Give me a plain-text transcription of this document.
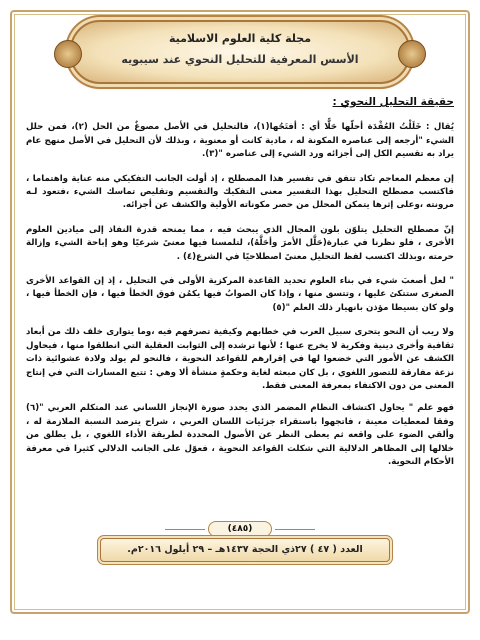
مجلة كلية العلوم الاسلامية
الأسس المعرفية للتحليل النحوي عند سيبويه
حقيقة التحليل النحوي :

يُقال : خَلَلْتُ العُقْدَة أحلّها حَلًّا أي : أفتَحُها(١)، فالتحليل في الأصل مصوغٌ من الحل (٢)، فمن حلل الشيء "أرجعه إلى عناصره المكونة له ، مادية كانت أو معنوية ، وبذلك لأن التحليل في الأصل منهج عام يراد به تقسيم الكل إلى أجزائه ورد الشيء إلى عناصره "(٣).

إن معظم المعاجم تكاد تتفق في تفسير هذا المصطلح ، إذ أولت الجانب التفكيكي منه عناية واهتماما ، فاكتسب مصطلح التحليل بهذا التفسير معنى التفكيك والتقسيم وتقليص تماسك الشيء ،فتعود لـه مرونته ،وعلى إثرها يتمكن المحلل من حصر مكوناته الأولية والكشف عن أجزائه.

إنّ مصطلح التحليل يتلوّن بلون المجال الذي يبحث فيه ، مما يمنحه قدرة النفاذ إلى ميادين العلوم الأخرى ، فلو نظرنا في عبارة(حَلَّل الأمرَ وأحَلَّهُ)، لتلمسنا فيها معنىً شرعيًا وهو إباحة الشيء وإزالة حرمته ،وبذلك اكتسب لفظ التحليل معنىً اصطلاحيًا في الشرع(٤) .

" لعل أصعبَ شيء في بناء العلوم تحديد القاعدة المركزية الأولى في التحليل ، إذ إن القواعد الأخرى الصغرى ستتكئ عليها ، وتتسق منها ، وإذا كان الصوابُ فيها يكمُن فوق الخطأ فيها ، فإن الخطأ فيها ، ولو كان بسيطا مؤذن بانهيار ذلك العلم "(٥)

ولا ريب أن النحو يتحرى سبيل العرب في خطابهم وكيفية تصرفهم فيه ،وما يتوارى خلف ذلك من أبعاد ثقافية وأخرى دينية وفكرية لا يخرج عنها ؛ لأنها ترشده إلى الثوابت العقلية التي انطلقوا منها ، فيحاول الكشف عن الأمور التي خضعوا لها في إقرارهم للقواعد النحوية ، فالنحو لم يولد ولادة عشوائية ذات نزعة مفارقة للتصور اللغوي ، بل كان مبعثه لغاية وحكمةٍ منشأة ألا وهي : تتبع المسارات التي في إنتاج المعنى من دون الاكتفاء بمعرفة المعنى فقط.

فهو علم " يحاول اكتشاف النظام المضمر الذي يحدد صورة الإنجاز اللساني عند المتكلم العربي "(٦) وفقا لمعطيات معينة ، فاتجهوا باستقراء جزئيات اللسان العربي ، شراح يترصد النسبة الملازمة له ، وألقي الضوء على واقعه ثم يعطى النظر عن الأصول المحددة لطريقة الأداء اللغوي ، بل يطلق من خلالها إلى المظاهر الدلالية التي شكلت القواعد النحوية ، فعوّل على الجانب الدلالي كثيرا في معرفة الأحكام النحوية.

(٤٨٥)
العدد ( ٤٧ ) ٢٧ذي الحجة ١٤٣٧هـ – ٢٩ أيلول ٢٠١٦م.
